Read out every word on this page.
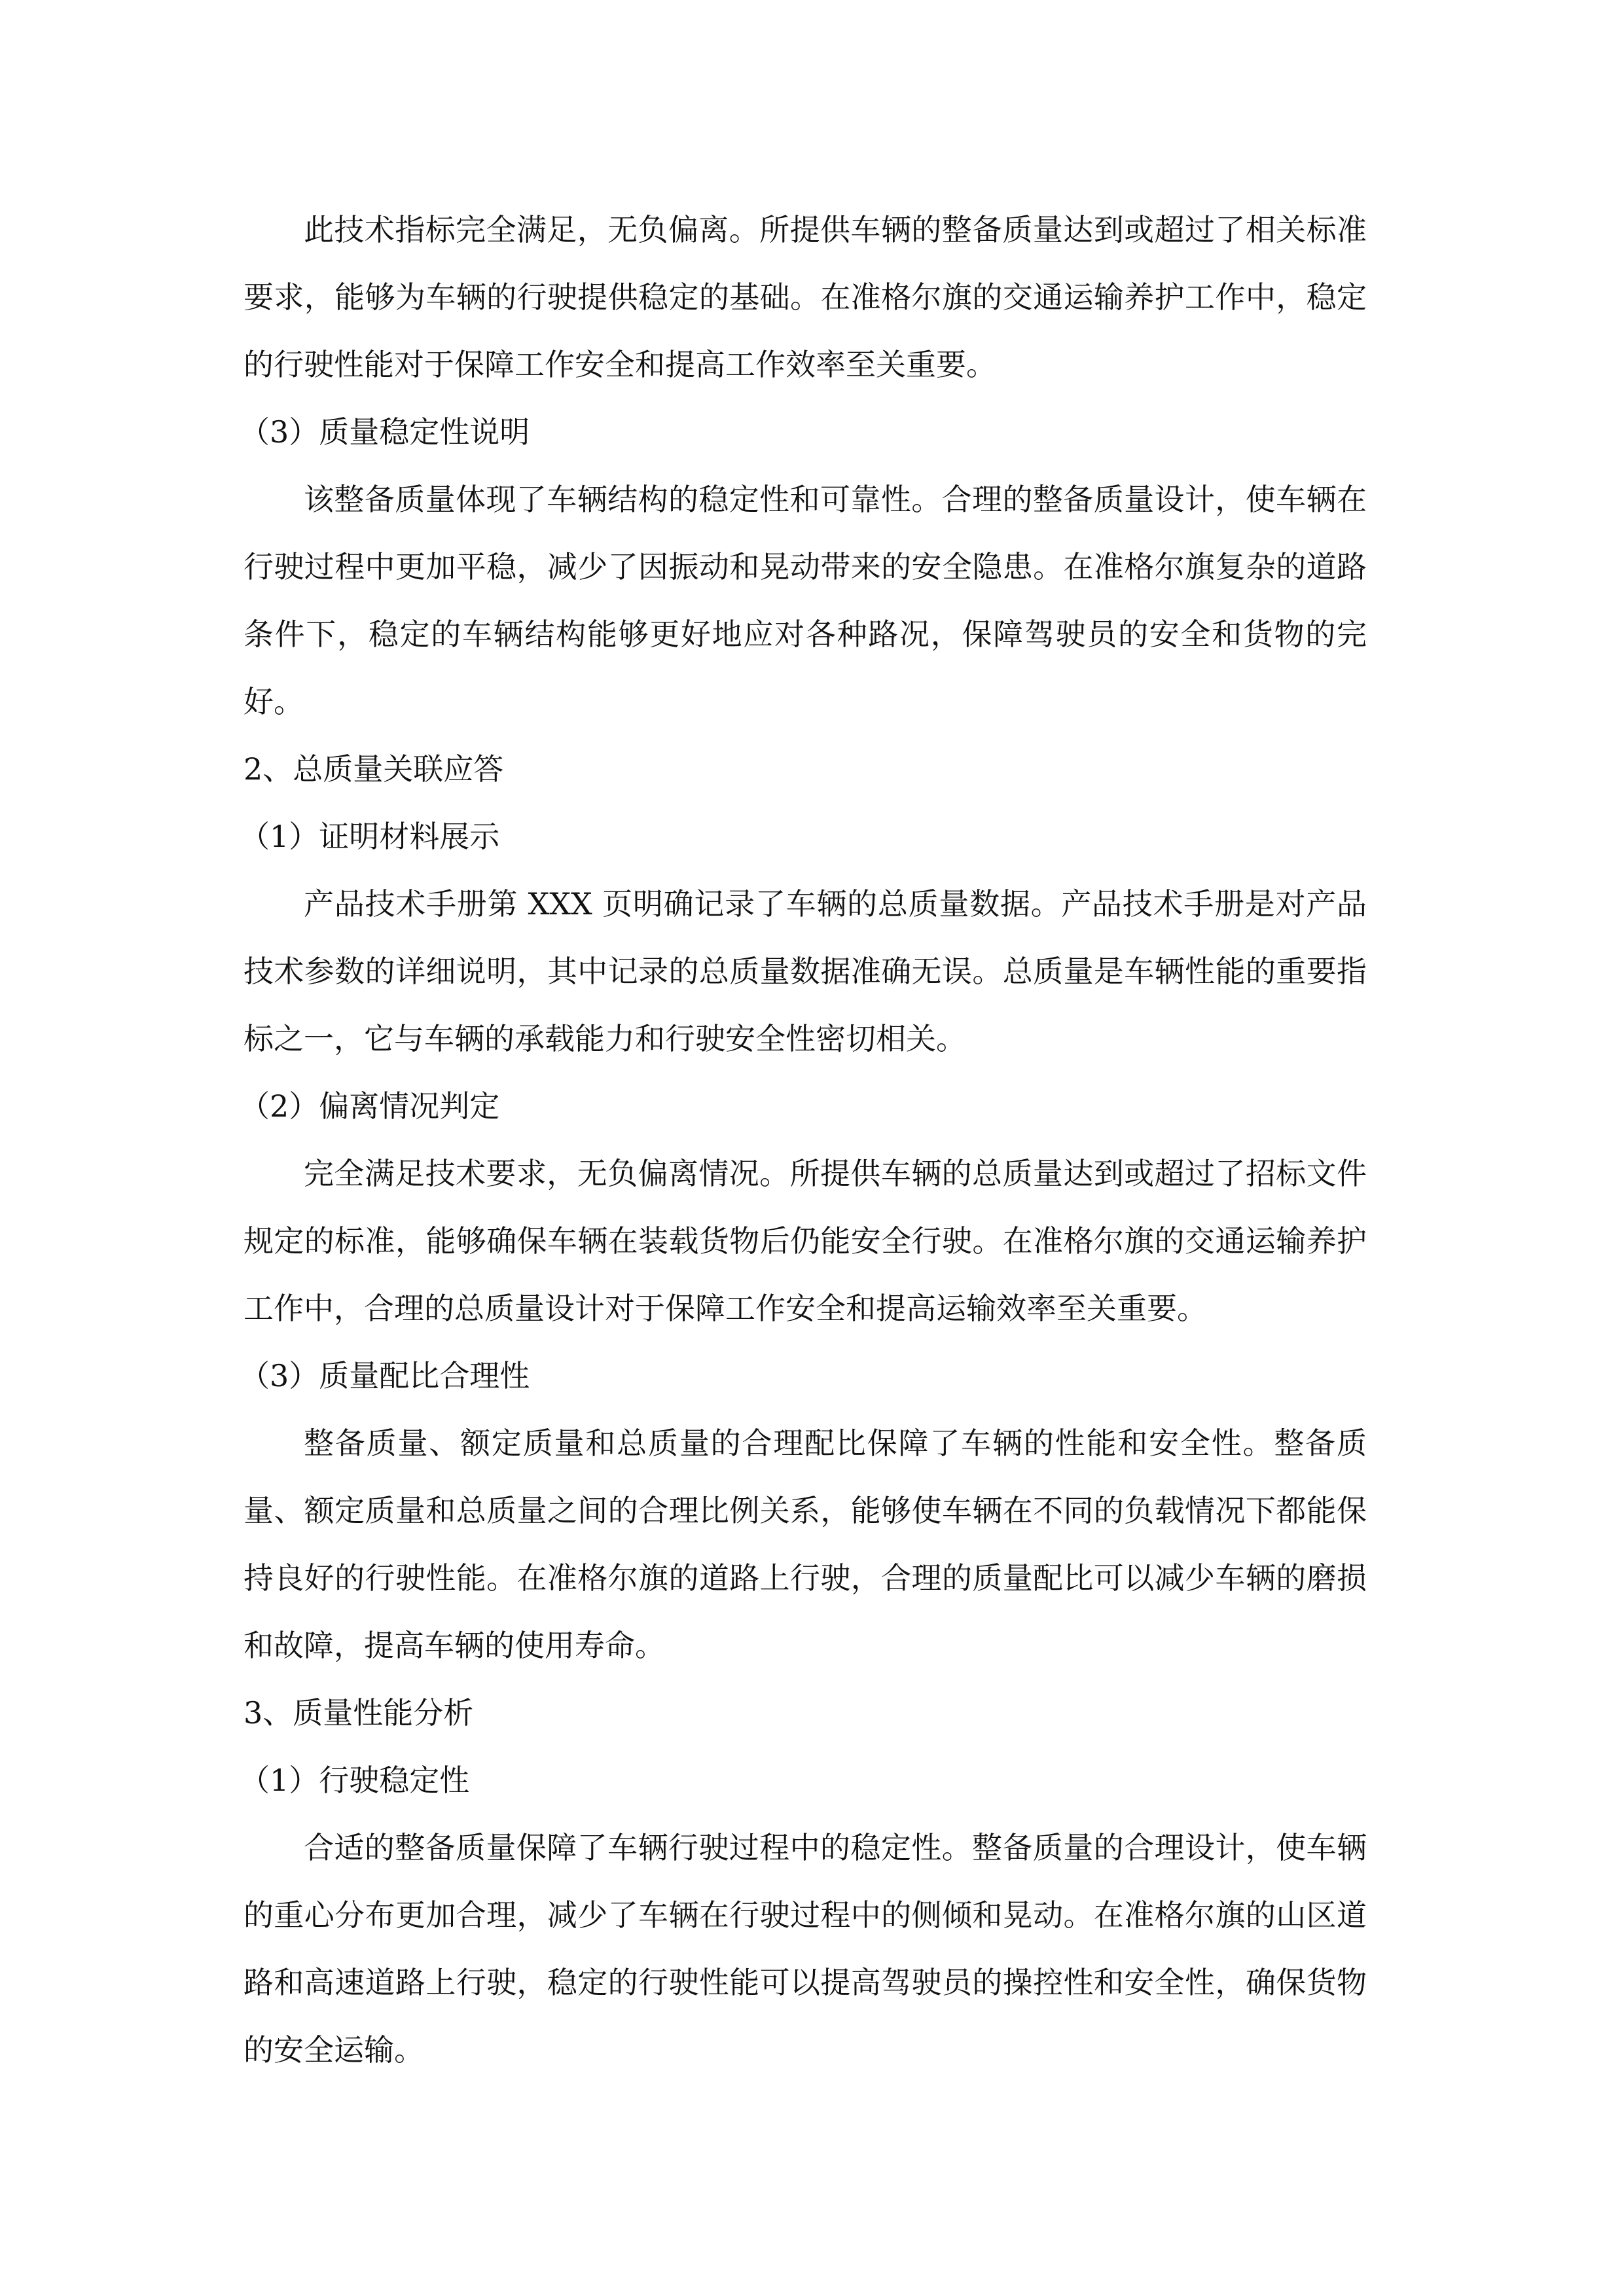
此技术指标完全满足，无负偏离。所提供车辆的整备质量达到或超过了相关标准要求，能够为车辆的行驶提供稳定的基础。在准格尔旗的交通运输养护工作中，稳定的行驶性能对于保障工作安全和提高工作效率至关重要。

（3）质量稳定性说明

该整备质量体现了车辆结构的稳定性和可靠性。合理的整备质量设计，使车辆在行驶过程中更加平稳，减少了因振动和晃动带来的安全隐患。在准格尔旗复杂的道路条件下，稳定的车辆结构能够更好地应对各种路况，保障驾驶员的安全和货物的完好。

2、总质量关联应答

（1）证明材料展示

产品技术手册第 XXX 页明确记录了车辆的总质量数据。产品技术手册是对产品技术参数的详细说明，其中记录的总质量数据准确无误。总质量是车辆性能的重要指标之一，它与车辆的承载能力和行驶安全性密切相关。

（2）偏离情况判定

完全满足技术要求，无负偏离情况。所提供车辆的总质量达到或超过了招标文件规定的标准，能够确保车辆在装载货物后仍能安全行驶。在准格尔旗的交通运输养护工作中，合理的总质量设计对于保障工作安全和提高运输效率至关重要。

（3）质量配比合理性

整备质量、额定质量和总质量的合理配比保障了车辆的性能和安全性。整备质量、额定质量和总质量之间的合理比例关系，能够使车辆在不同的负载情况下都能保持良好的行驶性能。在准格尔旗的道路上行驶，合理的质量配比可以减少车辆的磨损和故障，提高车辆的使用寿命。

3、质量性能分析

（1）行驶稳定性

合适的整备质量保障了车辆行驶过程中的稳定性。整备质量的合理设计，使车辆的重心分布更加合理，减少了车辆在行驶过程中的侧倾和晃动。在准格尔旗的山区道路和高速道路上行驶，稳定的行驶性能可以提高驾驶员的操控性和安全性，确保货物的安全运输。
